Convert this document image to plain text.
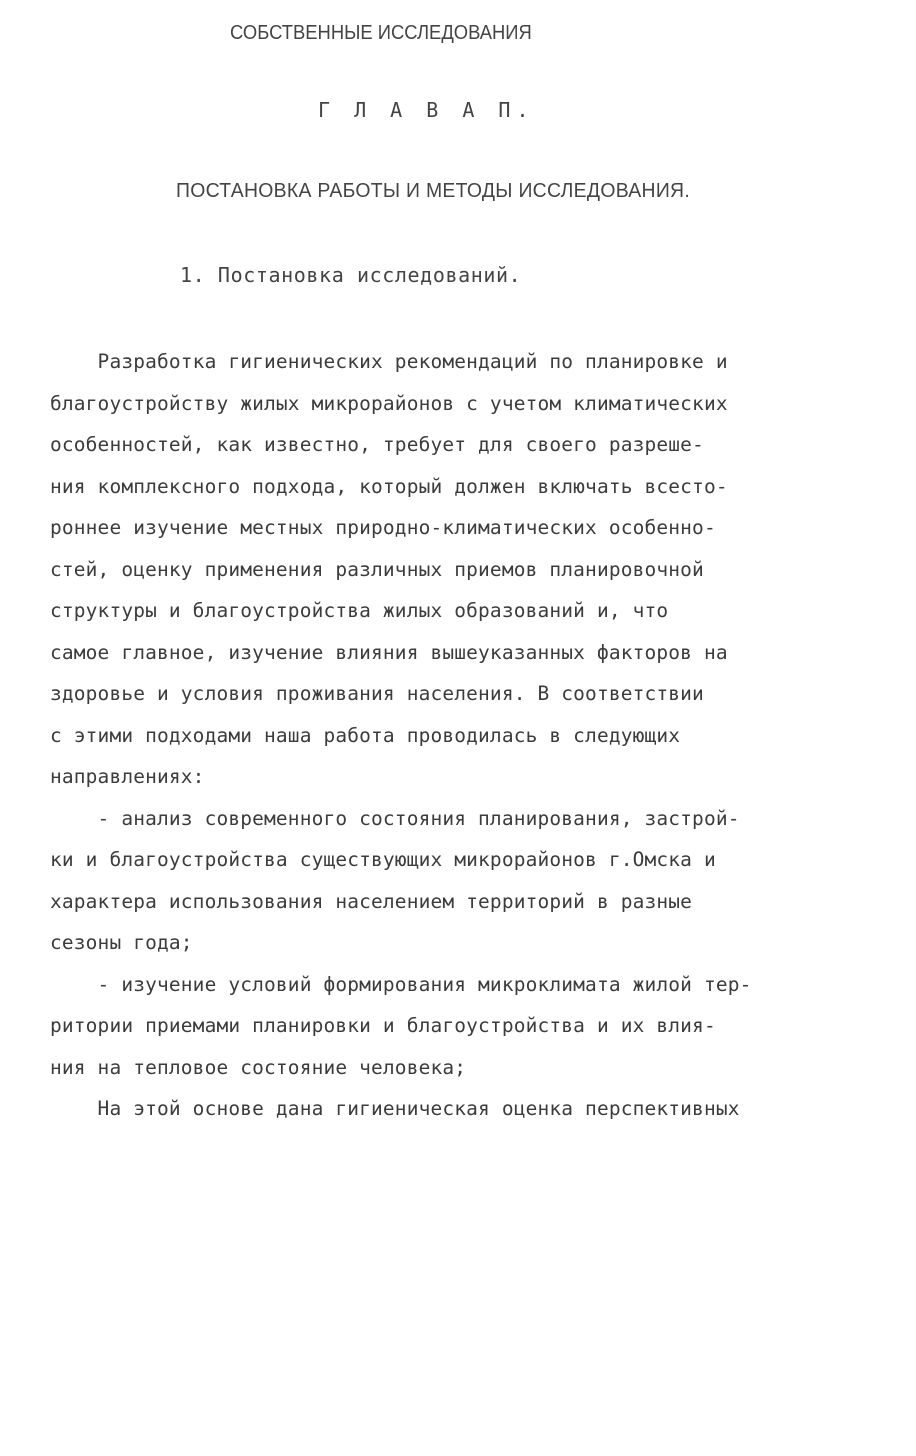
СОБСТВЕННЫЕ ИССЛЕДОВАНИЯ
Г Л А В А П.
ПОСТАНОВКА РАБОТЫ И МЕТОДЫ ИССЛЕДОВАНИЯ.
1. Постановка исследований.
Разработка гигиенических рекомендаций по планировке и
благоустройству жилых микрорайонов с учетом климатических
особенностей, как известно, требует для своего разреше-
ния комплексного подхода, который должен включать всесто-
роннее изучение местных природно-климатических особенно-
стей, оценку применения различных приемов планировочной
структуры и благоустройства жилых образований и, что
самое главное, изучение влияния вышеуказанных факторов на
здоровье и условия проживания населения. В соответствии
с этими подходами наша работа проводилась в следующих
направлениях:
- анализ современного состояния планирования, застрой-
ки и благоустройства существующих микрорайонов г.Омска и
характера использования населением территорий в разные
сезоны года;
- изучение условий формирования микроклимата жилой тер-
ритории приемами планировки и благоустройства и их влия-
ния на тепловое состояние человека;
На этой основе дана гигиеническая оценка перспективных
